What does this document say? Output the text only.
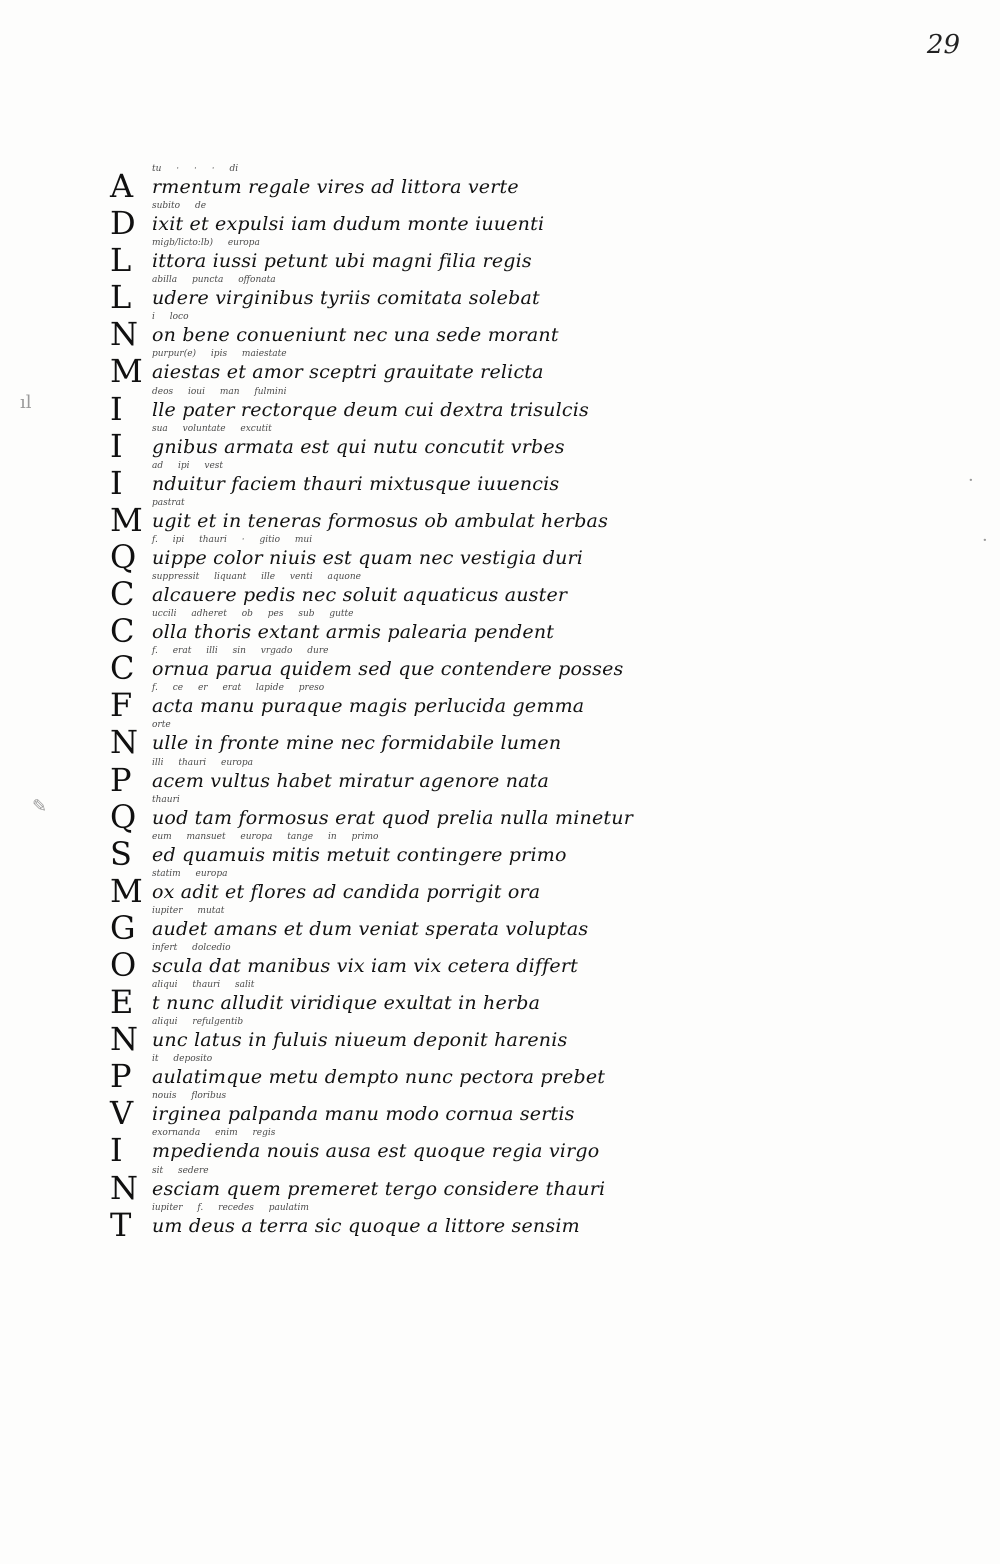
29
ıl
✎
·
·
tu · · · di
A rmentum regale vires ad littora verte
subito de
D ixit et expulsi iam dudum monte iuuenti
migb/licto:lb) europa
L	ittora iussi petunt ubi magni filia regis
abilla puncta offonata
L	udere virginibus tyriis comitata solebat
i loco
N on bene conueniunt nec una sede morant
purpur(e) ipis maiestate
M aiestas et amor sceptri grauitate relicta
deos ioui man fulmini
I	lle pater rectorque deum cui dextra trisulcis
sua voluntate excutit
I	gnibus armata est qui nutu concutit vrbes
ad ipi vest
I	nduitur faciem thauri mixtusque iuuencis
pastrat
M ugit et in teneras formosus ob ambulat herbas
f. ipi thauri · gitio mui
Q uippe color niuis est quam nec vestigia duri
suppressit liquant ille venti aquone
C alcauere pedis nec soluit aquaticus auster
uccili adheret ob pes sub gutte
C olla thoris extant armis palearia pendent
f. erat illi sin vrgado dure
C ornua parua quidem sed que contendere posses
f. ce er erat lapide preso
F	acta manu puraque magis perlucida gemma
orte
N ulle in fronte mine nec formidabile lumen
illi thauri europa
P	acem vultus habet miratur agenore nata
thauri
Q uod tam formosus erat quod prelia nulla minetur
eum mansuet europa tange in primo
S	ed quamuis mitis metuit contingere primo
statim europa
M ox adit et flores ad candida porrigit ora
iupiter mutat
G audet amans et dum veniat sperata voluptas
infert dolcedio
O scula dat manibus vix iam vix cetera differt
aliqui thauri salit
E t nunc alludit viridique exultat in herba
aliqui refulgentib
N unc latus in fuluis niueum deponit harenis
it deposito
P	aulatimque metu dempto nunc pectora prebet
nouis floribus
V irginea palpanda manu modo cornua sertis
exornanda enim regis
I	mpedienda nouis ausa est quoque regia virgo
sit sedere
N esciam quem premeret tergo considere thauri
iupiter f. recedes paulatim
T	um deus a terra sic quoque a littore sensim
